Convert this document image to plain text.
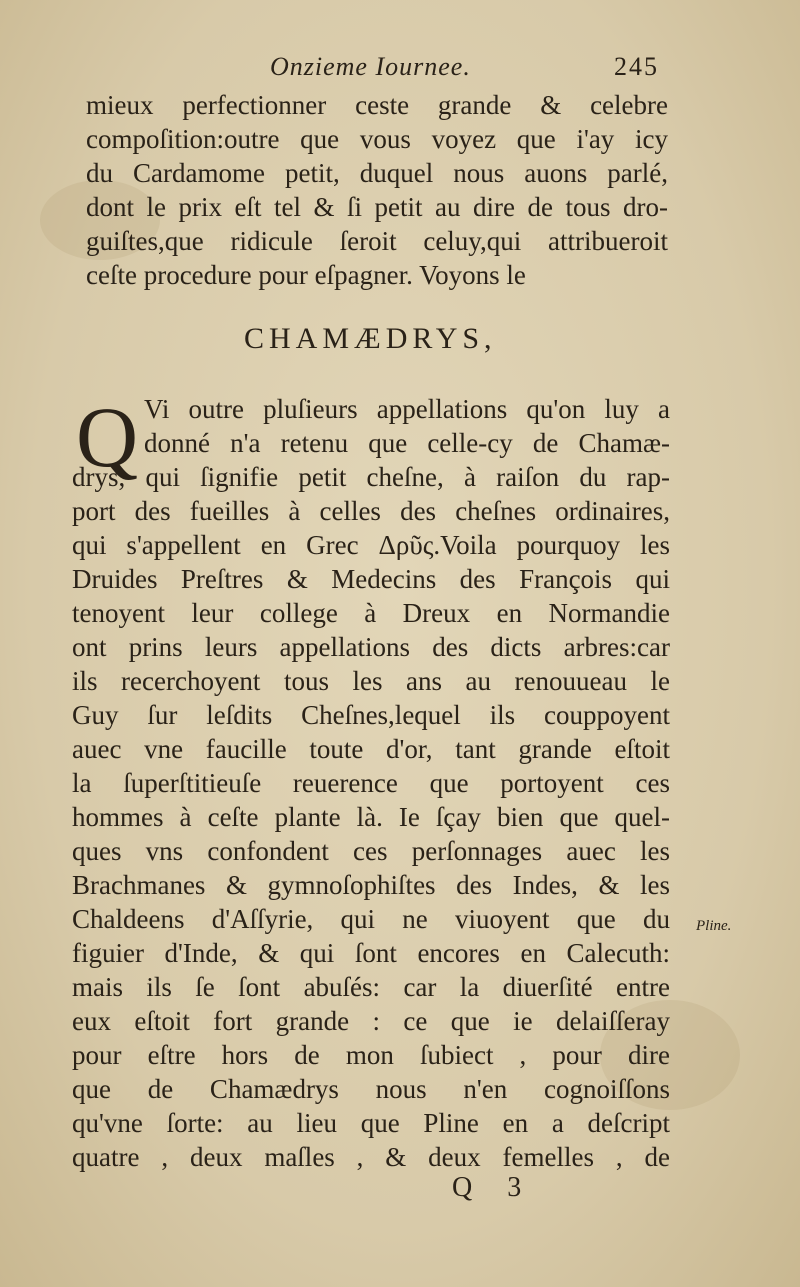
Onzieme Iournee.	245
mieux perfectionner ceste grande & celebre
compoſition:outre que vous voyez que i'ay icy
du Cardamome petit, duquel nous auons parlé,
dont le prix eſt tel & ſi petit au dire de tous dro-
guiſtes,que ridicule ſeroit celuy,qui attribueroit
ceſte procedure pour eſpagner. Voyons le
CHAMÆDRYS,
Q Vi outre pluſieurs appellations qu'on luy a
donné n'a retenu que celle-cy de Chamæ-
drys, qui ſignifie petit cheſne, à raiſon du rap-
port des fueilles à celles des cheſnes ordinaires,
qui s'appellent en Grec Δρῦς.Voila pourquoy les
Druides Preſtres & Medecins des François qui
tenoyent leur college à Dreux en Normandie
ont prins leurs appellations des dicts arbres:car
ils recerchoyent tous les ans au renouueau le
Guy ſur leſdits Cheſnes,lequel ils couppoyent
auec vne faucille toute d'or, tant grande eſtoit
la ſuperſtitieuſe reuerence que portoyent ces
hommes à ceſte plante là. Ie ſçay bien que quel-
ques vns confondent ces perſonnages auec les
Brachmanes & gymnoſophiſtes des Indes, & les
Chaldeens d'Aſſyrie, qui ne viuoyent que du
figuier d'Inde, & qui ſont encores en Calecuth:
mais ils ſe ſont abuſés: car la diuerſité entre
eux eſtoit fort grande : ce que ie delaiſſeray
pour eſtre hors de mon ſubiect , pour dire
que de Chamædrys nous n'en cognoiſſons
qu'vne ſorte: au lieu que Pline en a deſcript
quatre , deux maſles , & deux femelles , de
Pline.
Q 3
